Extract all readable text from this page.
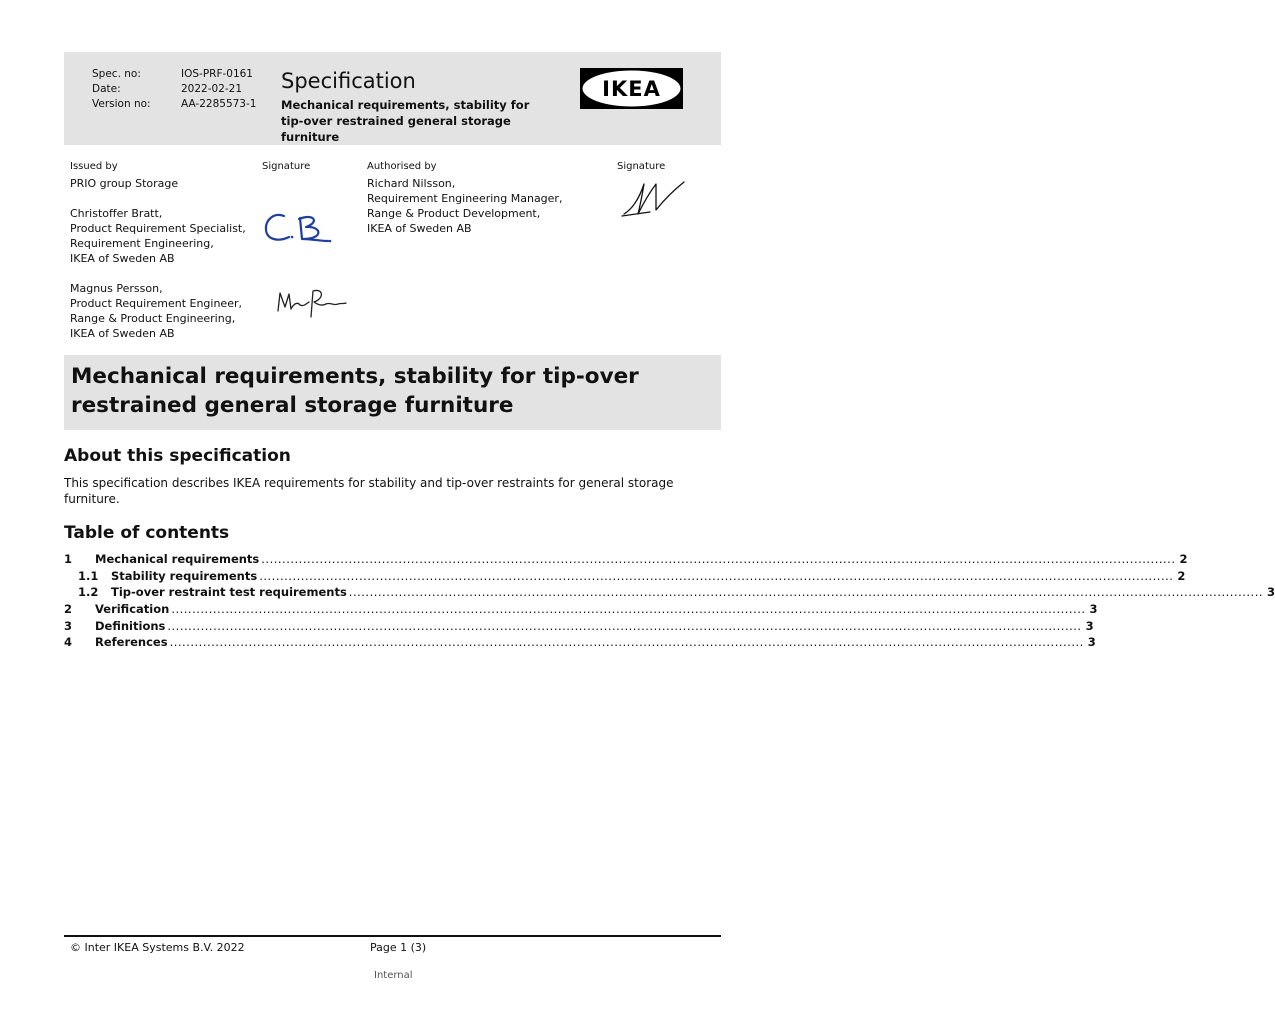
Spec. no:	IOS-PRF-0161
Date:	2022-02-21
Version no:	AA-2285573-1
Specification
Mechanical requirements, stability for tip-over restrained general storage furniture
IKEA
Issued by	Signature
PRIO group Storage
Christoffer Bratt,
Product Requirement Specialist,
Requirement Engineering,
IKEA of Sweden AB
Magnus Persson,
Product Requirement Engineer,
Range & Product Engineering,
IKEA of Sweden AB
Authorised by	Signature
Richard Nilsson,
Requirement Engineering Manager,
Range & Product Development,
IKEA of Sweden AB
Mechanical requirements, stability for tip-over restrained general storage furniture
About this specification
This specification describes IKEA requirements for stability and tip-over restraints for general storage furniture.
Table of contents
1	Mechanical requirements ............................................................................................................................................................................................................................ 2
1.1	Stability requirements ............................................................................................................................................................................................................................ 2
1.2	Tip-over restraint test requirements ............................................................................................................................................................................................................................ 3
2	Verification ............................................................................................................................................................................................................................ 3
3	Definitions ............................................................................................................................................................................................................................ 3
4	References ............................................................................................................................................................................................................................ 3
© Inter IKEA Systems B.V. 2022	Page 1 (3)
Internal
